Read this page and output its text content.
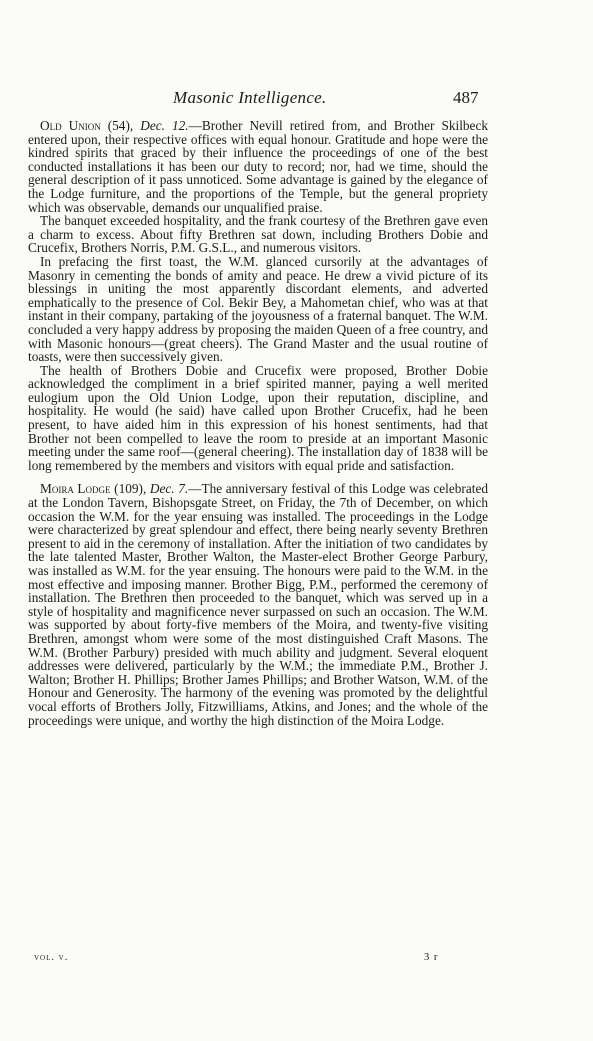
Masonic Intelligence.	487

Old Union (54), Dec. 12.—Brother Nevill retired from, and Brother Skilbeck entered upon, their respective offices with equal honour. Gratitude and hope were the kindred spirits that graced by their influence the proceedings of one of the best conducted installations it has been our duty to record; nor, had we time, should the general description of it pass unnoticed. Some advantage is gained by the elegance of the Lodge furniture, and the proportions of the Temple, but the general propriety which was observable, demands our unqualified praise.

The banquet exceeded hospitality, and the frank courtesy of the Brethren gave even a charm to excess. About fifty Brethren sat down, including Brothers Dobie and Crucefix, Brothers Norris, P.M. G.S.L., and numerous visitors.

In prefacing the first toast, the W.M. glanced cursorily at the advantages of Masonry in cementing the bonds of amity and peace. He drew a vivid picture of its blessings in uniting the most apparently discordant elements, and adverted emphatically to the presence of Col. Bekir Bey, a Mahometan chief, who was at that instant in their company, partaking of the joyousness of a fraternal banquet. The W.M. concluded a very happy address by proposing the maiden Queen of a free country, and with Masonic honours—(great cheers). The Grand Master and the usual routine of toasts, were then successively given.

The health of Brothers Dobie and Crucefix were proposed, Brother Dobie acknowledged the compliment in a brief spirited manner, paying a well merited eulogium upon the Old Union Lodge, upon their reputation, discipline, and hospitality. He would (he said) have called upon Brother Crucefix, had he been present, to have aided him in this expression of his honest sentiments, had that Brother not been compelled to leave the room to preside at an important Masonic meeting under the same roof—(general cheering). The installation day of 1838 will be long remembered by the members and visitors with equal pride and satisfaction.

Moira Lodge (109), Dec. 7.—The anniversary festival of this Lodge was celebrated at the London Tavern, Bishopsgate Street, on Friday, the 7th of December, on which occasion the W.M. for the year ensuing was installed. The proceedings in the Lodge were characterized by great splendour and effect, there being nearly seventy Brethren present to aid in the ceremony of installation. After the initiation of two candidates by the late talented Master, Brother Walton, the Master-elect Brother George Parbury, was installed as W.M. for the year ensuing. The honours were paid to the W.M. in the most effective and imposing manner. Brother Bigg, P.M., performed the ceremony of installation. The Brethren then proceeded to the banquet, which was served up in a style of hospitality and magnificence never surpassed on such an occasion. The W.M. was supported by about forty-five members of the Moira, and twenty-five visiting Brethren, amongst whom were some of the most distinguished Craft Masons. The W.M. (Brother Parbury) presided with much ability and judgment. Several eloquent addresses were delivered, particularly by the W.M.; the immediate P.M., Brother J. Walton; Brother H. Phillips; Brother James Phillips; and Brother Watson, W.M. of the Honour and Generosity. The harmony of the evening was promoted by the delightful vocal efforts of Brothers Jolly, Fitzwilliams, Atkins, and Jones; and the whole of the proceedings were unique, and worthy the high distinction of the Moira Lodge.

vol. v.	3 r
